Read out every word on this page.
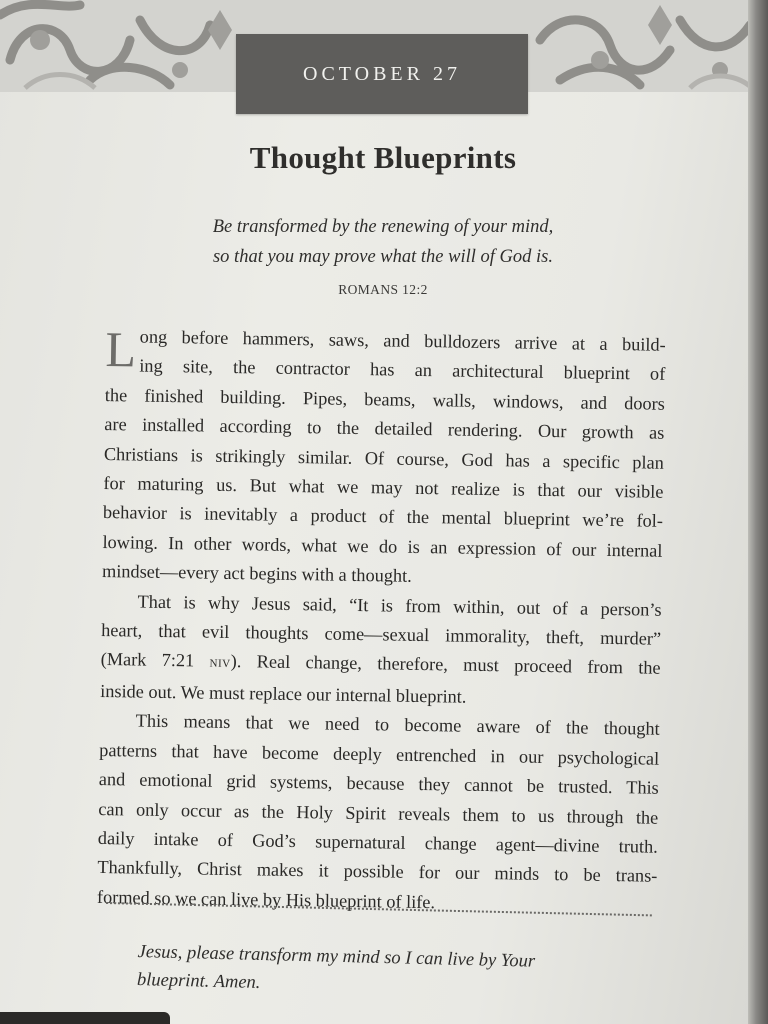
OCTOBER 27
Thought Blueprints
Be transformed by the renewing of your mind,
so that you may prove what the will of God is.
ROMANS 12:2
L ong before hammers, saws, and bulldozers arrive at a build-
ing site, the contractor has an architectural blueprint of
the finished building. Pipes, beams, walls, windows, and doors
are installed according to the detailed rendering. Our growth as
Christians is strikingly similar. Of course, God has a specific plan
for maturing us. But what we may not realize is that our visible
behavior is inevitably a product of the mental blueprint we’re fol-
lowing. In other words, what we do is an expression of our internal
mindset—every act begins with a thought.
That is why Jesus said, “It is from within, out of a person’s
heart, that evil thoughts come—sexual immorality, theft, murder”
(Mark 7:21 niv). Real change, therefore, must proceed from the
inside out. We must replace our internal blueprint.
This means that we need to become aware of the thought
patterns that have become deeply entrenched in our psychological
and emotional grid systems, because they cannot be trusted. This
can only occur as the Holy Spirit reveals them to us through the
daily intake of God’s supernatural change agent—divine truth.
Thankfully, Christ makes it possible for our minds to be trans-
formed so we can live by His blueprint of life.
Jesus, please transform my mind so I can live by Your
blueprint. Amen.
